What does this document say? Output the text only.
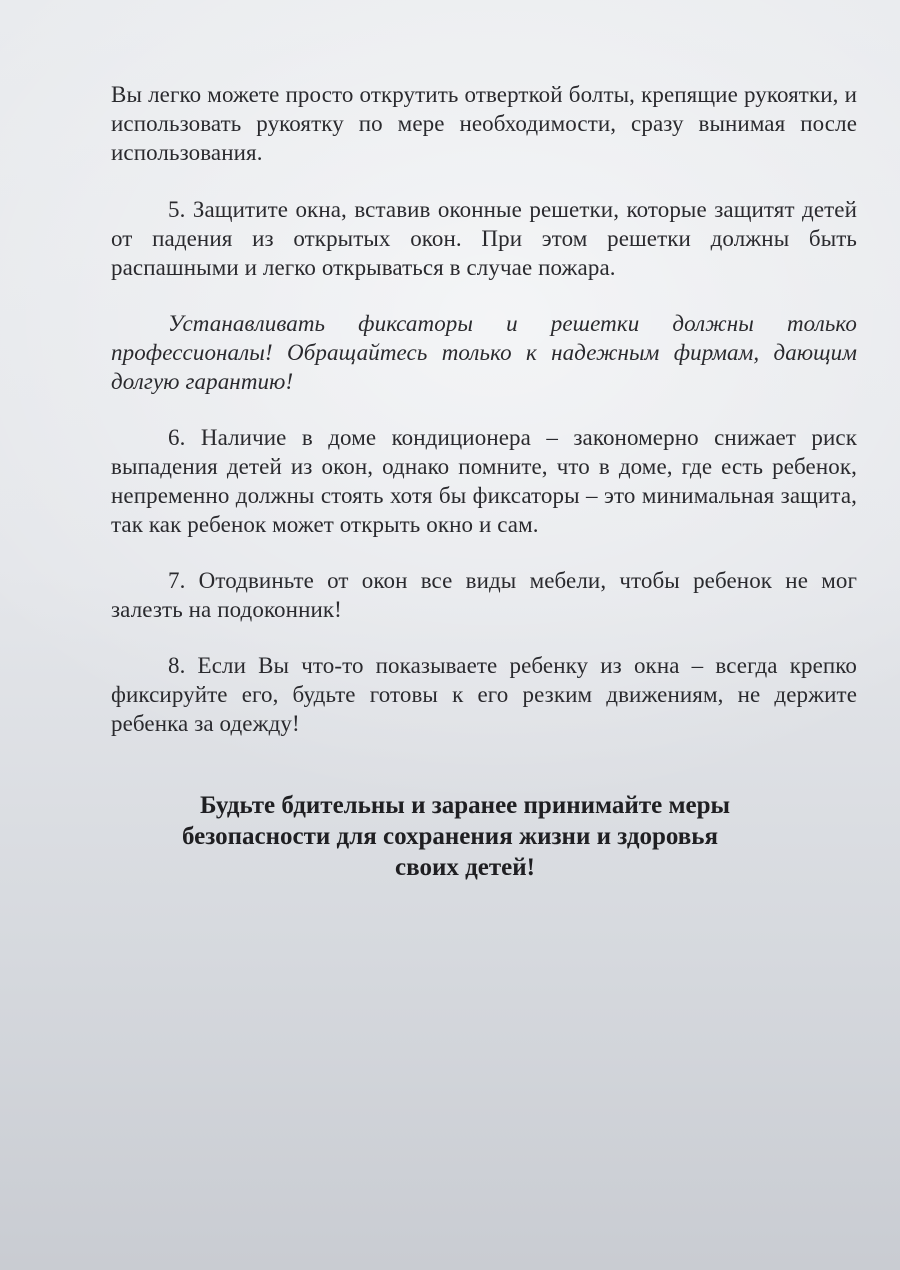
Вы легко можете просто открутить отверткой болты, крепящие рукоятки, и использовать рукоятку по мере необходимости, сразу вынимая после использования.

5. Защитите окна, вставив оконные решетки, которые защитят детей от падения из открытых окон. При этом решетки должны быть распашными и легко открываться в случае пожара.

Устанавливать фиксаторы и решетки должны только профессионалы! Обращайтесь только к надежным фирмам, дающим долгую гарантию!

6. Наличие в доме кондиционера – закономерно снижает риск выпадения детей из окон, однако помните, что в доме, где есть ребенок, непременно должны стоять хотя бы фиксаторы – это минимальная защита, так как ребенок может открыть окно и сам.

7. Отодвиньте от окон все виды мебели, чтобы ребенок не мог залезть на подоконник!

8. Если Вы что-то показываете ребенку из окна – всегда крепко фиксируйте его, будьте готовы к его резким движениям, не держите ребенка за одежду!

Будьте бдительны и заранее принимайте меры
безопасности для сохранения жизни и здоровья
своих детей!
